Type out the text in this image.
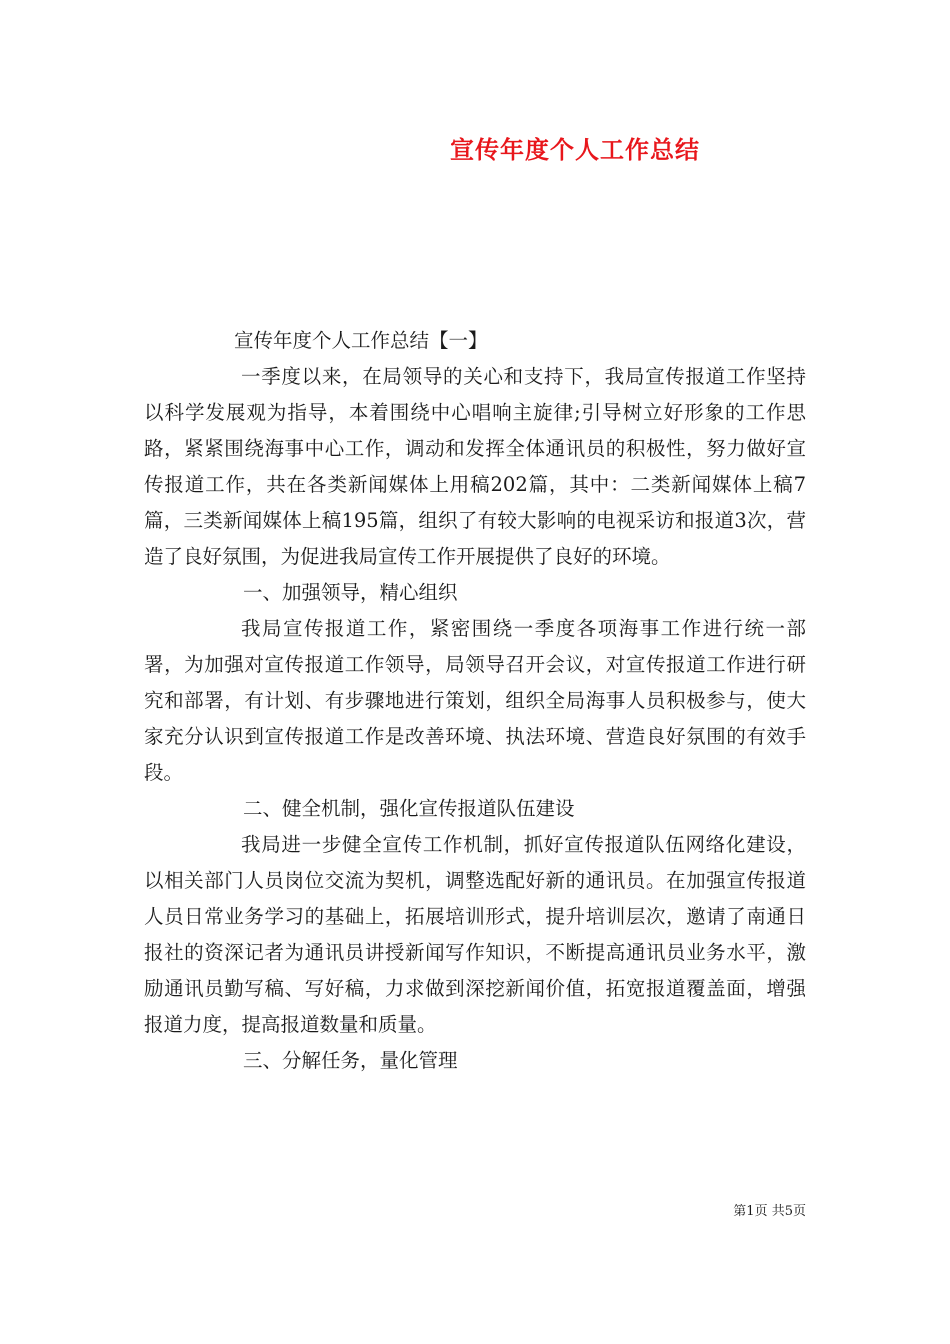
宣传年度个人工作总结

宣传年度个人工作总结【一】

一季度以来，在局领导的关心和支持下，我局宣传报道工作坚持以科学发展观为指导，本着围绕中心唱响主旋律;引导树立好形象的工作思路，紧紧围绕海事中心工作，调动和发挥全体通讯员的积极性，努力做好宣传报道工作，共在各类新闻媒体上用稿202篇，其中：二类新闻媒体上稿7篇，三类新闻媒体上稿195篇，组织了有较大影响的电视采访和报道3次，营造了良好氛围，为促进我局宣传工作开展提供了良好的环境。

一、加强领导，精心组织

我局宣传报道工作，紧密围绕一季度各项海事工作进行统一部署，为加强对宣传报道工作领导，局领导召开会议，对宣传报道工作进行研究和部署，有计划、有步骤地进行策划，组织全局海事人员积极参与，使大家充分认识到宣传报道工作是改善环境、执法环境、营造良好氛围的有效手段。

二、健全机制，强化宣传报道队伍建设

我局进一步健全宣传工作机制，抓好宣传报道队伍网络化建设，以相关部门人员岗位交流为契机，调整选配好新的通讯员。在加强宣传报道人员日常业务学习的基础上，拓展培训形式，提升培训层次，邀请了南通日报社的资深记者为通讯员讲授新闻写作知识，不断提高通讯员业务水平，激励通讯员勤写稿、写好稿，力求做到深挖新闻价值，拓宽报道覆盖面，增强报道力度，提高报道数量和质量。

三、分解任务，量化管理

第1页 共5页
